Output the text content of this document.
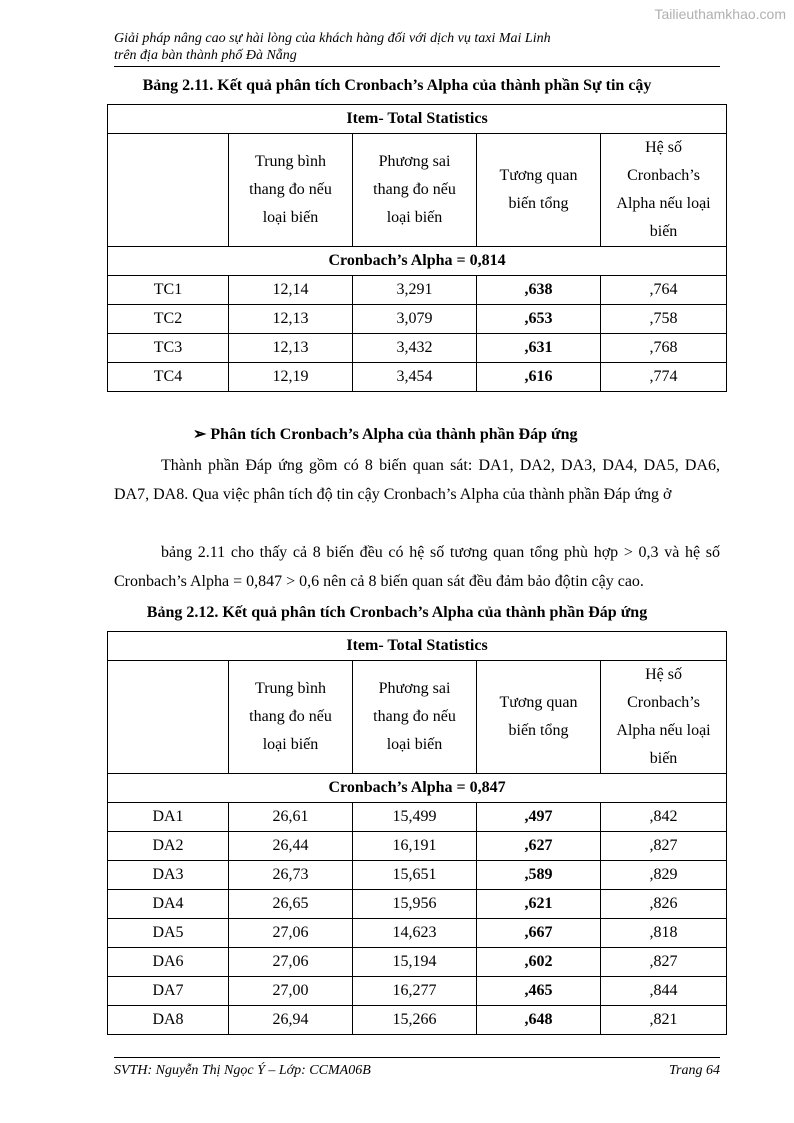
Tailieuthamkhao.com
Giải pháp nâng cao sự hài lòng của khách hàng đối với dịch vụ taxi Mai Linh
trên địa bàn thành phố Đà Nẵng
Bảng 2.11. Kết quả phân tích Cronbach’s Alpha của thành phần Sự tin cậy
Item- Total Statistics				

	Trung bình
thang đo nếu
loại biến	Phương sai
thang đo nếu
loại biến	Tương quan
biến tổng	Hệ số
Cronbach’s
Alpha nếu loại
biến

Cronbach’s Alpha = 0,814				
TC1	12,14	3,291	,638	,764
TC2	12,13	3,079	,653	,758
TC3	12,13	3,432	,631	,768
TC4	12,19	3,454	,616	,774
➢ Phân tích Cronbach’s Alpha của thành phần Đáp ứng
Thành phần Đáp ứng gồm có 8 biến quan sát: DA1, DA2, DA3, DA4, DA5, DA6, DA7, DA8. Qua việc phân tích độ tin cậy Cronbach’s Alpha của thành phần Đáp ứng ở
bảng 2.11 cho thấy cả 8 biến đều có hệ số tương quan tổng phù hợp > 0,3 và hệ số Cronbach’s Alpha = 0,847 > 0,6 nên cả 8 biến quan sát đều đảm bảo độtin cậy cao.
Bảng 2.12. Kết quả phân tích Cronbach’s Alpha của thành phần Đáp ứng
Item- Total Statistics				

	Trung bình
thang đo nếu
loại biến	Phương sai
thang đo nếu
loại biến	Tương quan
biến tổng	Hệ số
Cronbach’s
Alpha nếu loại
biến

Cronbach’s Alpha = 0,847				
DA1	26,61	15,499	,497	,842
DA2	26,44	16,191	,627	,827
DA3	26,73	15,651	,589	,829
DA4	26,65	15,956	,621	,826
DA5	27,06	14,623	,667	,818
DA6	27,06	15,194	,602	,827
DA7	27,00	16,277	,465	,844
DA8	26,94	15,266	,648	,821
SVTH: Nguyễn Thị Ngọc Ý – Lớp: CCMA06B	Trang 64
